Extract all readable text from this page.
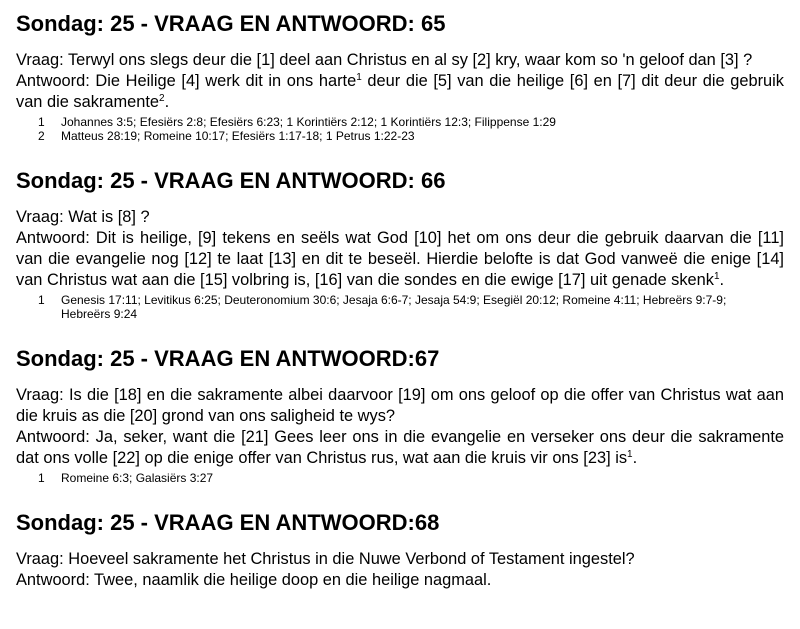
Sondag: 25 - VRAAG EN ANTWOORD: 65

Vraag: Terwyl ons slegs deur die [1] deel aan Christus en al sy [2] kry, waar kom so 'n geloof dan [3] ?

Antwoord: Die Heilige [4] werk dit in ons harte$^1$ deur die [5] van die heilige [6] en [7] dit deur die gebruik van die sakramente$^2$.

1	Johannes 3:5; Efesiërs 2:8; Efesiërs 6:23; 1 Korintiërs 2:12; 1 Korintiërs 12:3; Filippense 1:29
2	Matteus 28:19; Romeine 10:17; Efesiërs 1:17-18; 1 Petrus 1:22-23
Sondag: 25 - VRAAG EN ANTWOORD: 66

Vraag: Wat is [8] ?

Antwoord: Dit is heilige, [9] tekens en seëls wat God [10] het om ons deur die gebruik daarvan die [11] van die evangelie nog [12] te laat [13] en dit te beseël. Hierdie belofte is dat God vanweë die enige [14] van Christus wat aan die [15] volbring is, [16] van die sondes en die ewige [17] uit genade skenk$^1$.

1	Genesis 17:11; Levitikus 6:25; Deuteronomium 30:6; Jesaja 6:6-7; Jesaja 54:9; Esegiël 20:12; Romeine 4:11; Hebreërs 9:7-9; Hebreërs 9:24
Sondag: 25 - VRAAG EN ANTWOORD:67

Vraag: Is die [18] en die sakramente albei daarvoor [19] om ons geloof op die offer van Christus wat aan die kruis as die [20] grond van ons saligheid te wys?

Antwoord: Ja, seker, want die [21] Gees leer ons in die evangelie en verseker ons deur die sakramente dat ons volle [22] op die enige offer van Christus rus, wat aan die kruis vir ons [23] $is^1$.

1	Romeine 6:3; Galasiërs 3:27
Sondag: 25 - VRAAG EN ANTWOORD:68

Vraag: Hoeveel sakramente het Christus in die Nuwe Verbond of Testament ingestel?

Antwoord: Twee, naamlik die heilige doop en die heilige nagmaal.
